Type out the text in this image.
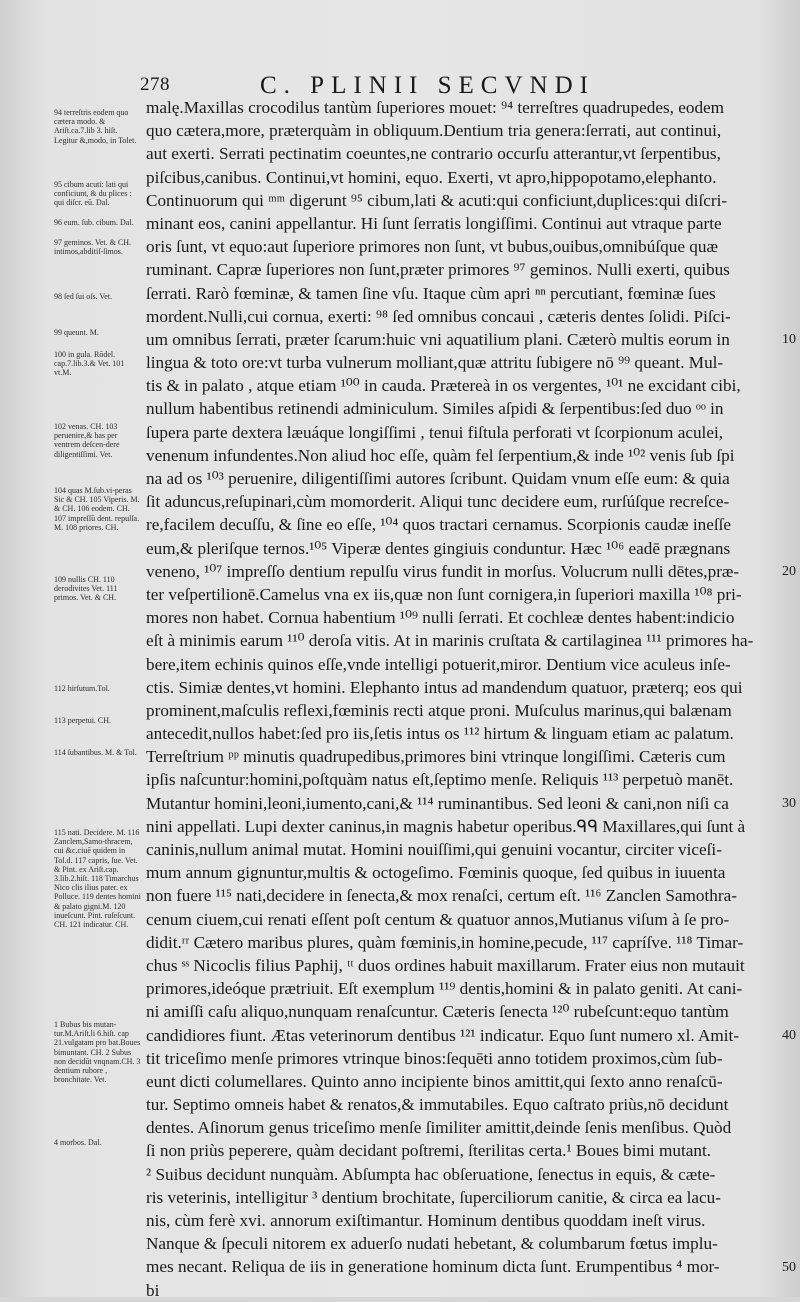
278	C. PLINII SECVNDI
94 terreſtris eodem quo cætera modo. & Ariſt.ca.7.lib 3. hiſt. Legitur &,modo, in Tolet.
95 cibum acuti: lati qui conficiunt, & du plices : qui diſcr. eũ. Dal.
96 eum. ſub. cibum. Dal.
97 geminos. Vet. & CH. intimos,abditiſ-ſimos.
98 ſed ſui oſs. Vet.
99 queunt. M.
100 in gula. Rōdel. cap.7.lib.3.& Vet. 101 vt.M.
102 venas. CH. 103 peruenire,& has per ventrem deſcen-dere diligentiſſimi. Vet.
104 quas M.ſub.vi-peras Sic & CH. 105 Viperis. M. & CH. 106 eodem. CH. 107 impreſſū dent. repulſa. M. 108 priores. CH.
109 nullis CH. 110 derodivites Vet. 111 primos. Vet. & CH.
112 hirſutum.Tol.
113 perpetui. CH.
114 ſubantibus. M. & Tol.
115 nati. Decidere. M. 116 Zanclem,Samo-thracem, cui &c.ciuē quidem in Tol.d. 117 capris, ſue. Vet. & Pint. ex Ariſt.cap. 3.lib.2.hiſt. 118 Timarchus Nico clis ilius pater. ex Polluce. 119 dentes homini & palato gigni.M. 120 inueſcunt. Pint. ruſeſcunt. CH. 121 indicatur. CH.
1 Bubus bis mutan-tur.M.Ariſt.li 6.hiſt. cap 21.vulgatam pro bat.Boues bimuntant. CH. 2 Subus non decidūt vnqnam.CH. 3 dentium rubore , bronchitate. Vet.
4 morbos. Dal.
malę.Maxillas crocodilus tantùm ſuperiores mouet: ⁹⁴ terreſtres quadrupedes, eodem
quo cætera,more, præterquàm in obliquum.Dentium tria genera:ſerrati, aut continui,
aut exerti. Serrati pectinatim coeuntes,ne contrario occurſu atterantur,vt ſerpentibus,
piſcibus,canibus. Continui,vt homini, equo. Exerti, vt apro,hippopotamo,elephanto.
Continuorum qui ᵐᵐ digerunt ⁹⁵ cibum,lati & acuti:qui conficiunt,duplices:qui diſcri-
minant eos, canini appellantur. Hi ſunt ſerratis longiſſimi. Continui aut vtraque parte
oris ſunt, vt equo:aut ſuperiore primores non ſunt, vt bubus,ouibus,omnibúſque quæ
ruminant. Capræ ſuperiores non ſunt,præter primores ⁹⁷ geminos. Nulli exerti, quibus
ſerrati. Rarò fœminæ, & tamen ſine vſu. Itaque cùm apri ⁿⁿ percutiant, fœminæ ſues
mordent.Nulli,cui cornua, exerti: ⁹⁸ ſed omnibus concaui , cæteris dentes ſolidi. Piſci-
um omnibus ſerrati, præter ſcarum:huic vni aquatilium plani. Cæterò multis eorum in
lingua & toto ore:vt turba vulnerum molliant,quæ attritu ſubigere nō ⁹⁹ queant. Mul-
tis & in palato , atque etiam ¹⁰⁰ in cauda. Prætereà in os vergentes, ¹⁰¹ ne excidant cibi,
nullum habentibus retinendi adminiculum. Similes aſpidi & ſerpentibus:ſed duo ᵒᵒ in
ſupera parte dextera læuáque longiſſimi , tenui fiſtula perforati vt ſcorpionum aculei,
venenum infundentes.Non aliud hoc eſſe, quàm fel ſerpentium,& inde ¹⁰² venis ſub ſpi
na ad os ¹⁰³ peruenire, diligentiſſimi autores ſcribunt. Quidam vnum eſſe eum: & quia
ſit aduncus,reſupinari,cùm momorderit. Aliqui tunc decidere eum, rurſúſque recreſce-
re,facilem decuſſu, & ſine eo eſſe, ¹⁰⁴ quos tractari cernamus. Scorpionis caudæ ineſſe
eum,& pleriſque ternos.¹⁰⁵ Viperæ dentes gingiuis conduntur. Hæc ¹⁰⁶ eadē prægnans
veneno, ¹⁰⁷ impreſſo dentium repulſu virus fundit in morſus. Volucrum nulli dētes,præ-
ter veſpertilionē.Camelus vna ex iis,quæ non ſunt cornigera,in ſuperiori maxilla ¹⁰⁸ pri-
mores non habet. Cornua habentium ¹⁰⁹ nulli ſerrati. Et cochleæ dentes habent:indicio
eſt à minimis earum ¹¹⁰ deroſa vitis. At in marinis cruſtata & cartilaginea ¹¹¹ primores ha-
bere,item echinis quinos eſſe,vnde intelligi potuerit,miror. Dentium vice aculeus inſe-
ctis. Simiæ dentes,vt homini. Elephanto intus ad mandendum quatuor, præterq; eos qui
prominent,maſculis reflexi,fœminis recti atque proni. Muſculus marinus,qui balænam
antecedit,nullos habet:ſed pro iis,ſetis intus os ¹¹² hirtum & linguam etiam ac palatum.
Terreſtrium ᵖᵖ minutis quadrupedibus,primores bini vtrinque longiſſimi. Cæteris cum
ipſis naſcuntur:homini,poſtquàm natus eſt,ſeptimo menſe. Reliquis ¹¹³ perpetuò manēt.
Mutantur homini,leoni,iumento,cani,& ¹¹⁴ ruminantibus. Sed leoni & cani,non niſi ca
nini appellati. Lupi dexter caninus,in magnis habetur operibus.ᑫᑫ Maxillares,qui ſunt à
caninis,nullum animal mutat. Homini nouiſſimi,qui genuini vocantur, circiter viceſi-
mum annum gignuntur,multis & octogeſimo. Fœminis quoque, ſed quibus in iuuenta
non fuere ¹¹⁵ nati,decidere in ſenecta,& mox renaſci, certum eſt. ¹¹⁶ Zanclen Samothra-
cenum ciuem,cui renati eſſent poſt centum & quatuor annos,Mutianus viſum à ſe pro-
didit.ʳʳ Cætero maribus plures, quàm fœminis,in homine,pecude, ¹¹⁷ capríſve. ¹¹⁸ Timar-
chus ˢˢ Nicoclis filius Paphij, ᵗᵗ duos ordines habuit maxillarum. Frater eius non mutauit
primores,ideóque prætriuit. Eſt exemplum ¹¹⁹ dentis,homini & in palato geniti. At cani-
ni amiſſi caſu aliquo,nunquam renaſcuntur. Cæteris ſenecta ¹²⁰ rubeſcunt:equo tantùm
candidiores fiunt. Ætas veterinorum dentibus ¹²¹ indicatur. Equo ſunt numero xl. Amit-
tit triceſimo menſe primores vtrinque binos:ſequēti anno totidem proximos,cùm ſub-
eunt dicti columellares. Quinto anno incipiente binos amittit,qui ſexto anno renaſcū-
tur. Septimo omneis habet & renatos,& immutabiles. Equo caſtrato priùs,nō decidunt
dentes. Aſinorum genus triceſimo menſe ſimiliter amittit,deinde ſenis menſibus. Quòd
ſi non priùs peperere, quàm decidant poſtremi, ſterilitas certa.¹ Boues bimi mutant.
² Suibus decidunt nunquàm. Abſumpta hac obſeruatione, ſenectus in equis, & cæte-
ris veterinis, intelligitur ³ dentium brochitate, ſuperciliorum canitie, & circa ea lacu-
nis, cùm ferè xvi. annorum exiſtimantur. Hominum dentibus quoddam ineſt virus.
Nanque & ſpeculi nitorem ex aduerſo nudati hebetant, & columbarum fœtus implu-
mes necant. Reliqua de iis in generatione hominum dicta ſunt. Erumpentibus ⁴ mor-
bi
10
20
30
40
50
